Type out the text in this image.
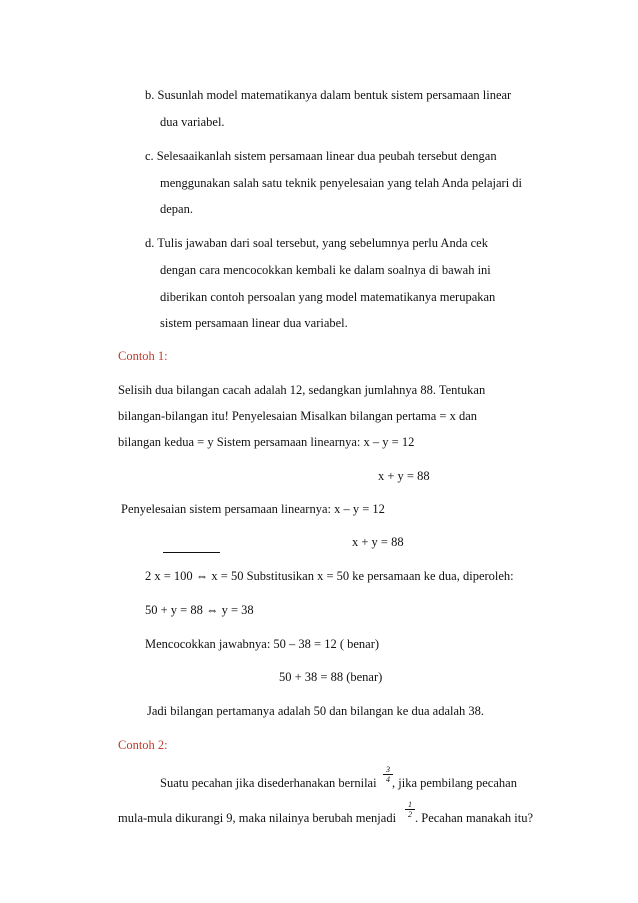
b. Susunlah model matematikanya dalam bentuk sistem persamaan linear
dua variabel.
c. Selesaaikanlah sistem persamaan linear dua peubah tersebut dengan
menggunakan salah satu teknik penyelesaian yang telah Anda pelajari di
depan.
d. Tulis jawaban dari soal tersebut, yang sebelumnya perlu Anda cek
dengan cara mencocokkan kembali ke dalam soalnya di bawah ini
diberikan contoh persoalan yang model matematikanya merupakan
sistem persamaan linear dua variabel.
Contoh 1:
Selisih dua bilangan cacah adalah 12, sedangkan jumlahnya 88. Tentukan
bilangan-bilangan itu! Penyelesaian Misalkan bilangan pertama = x dan
bilangan kedua = y Sistem persamaan linearnya: x – y = 12
x + y = 88
Penyelesaian sistem persamaan linearnya: x – y = 12
x + y = 88
2 x = 100 ⇔ x = 50 Substitusikan x = 50 ke persamaan ke dua, diperoleh:
50 + y = 88 ⇔ y = 38
Mencocokkan jawabnya: 50 – 38 = 12 ( benar)
50 + 38 = 88 (benar)
Jadi bilangan pertamanya adalah 50 dan bilangan ke dua adalah 38.
Contoh 2:
Suatu pecahan jika disederhanakan bernilai $\frac{3}{4}$ , jika pembilang pecahan
mula-mula dikurangi 9, maka nilainya berubah menjadi $\frac{1}{2}$ . Pecahan manakah itu?
